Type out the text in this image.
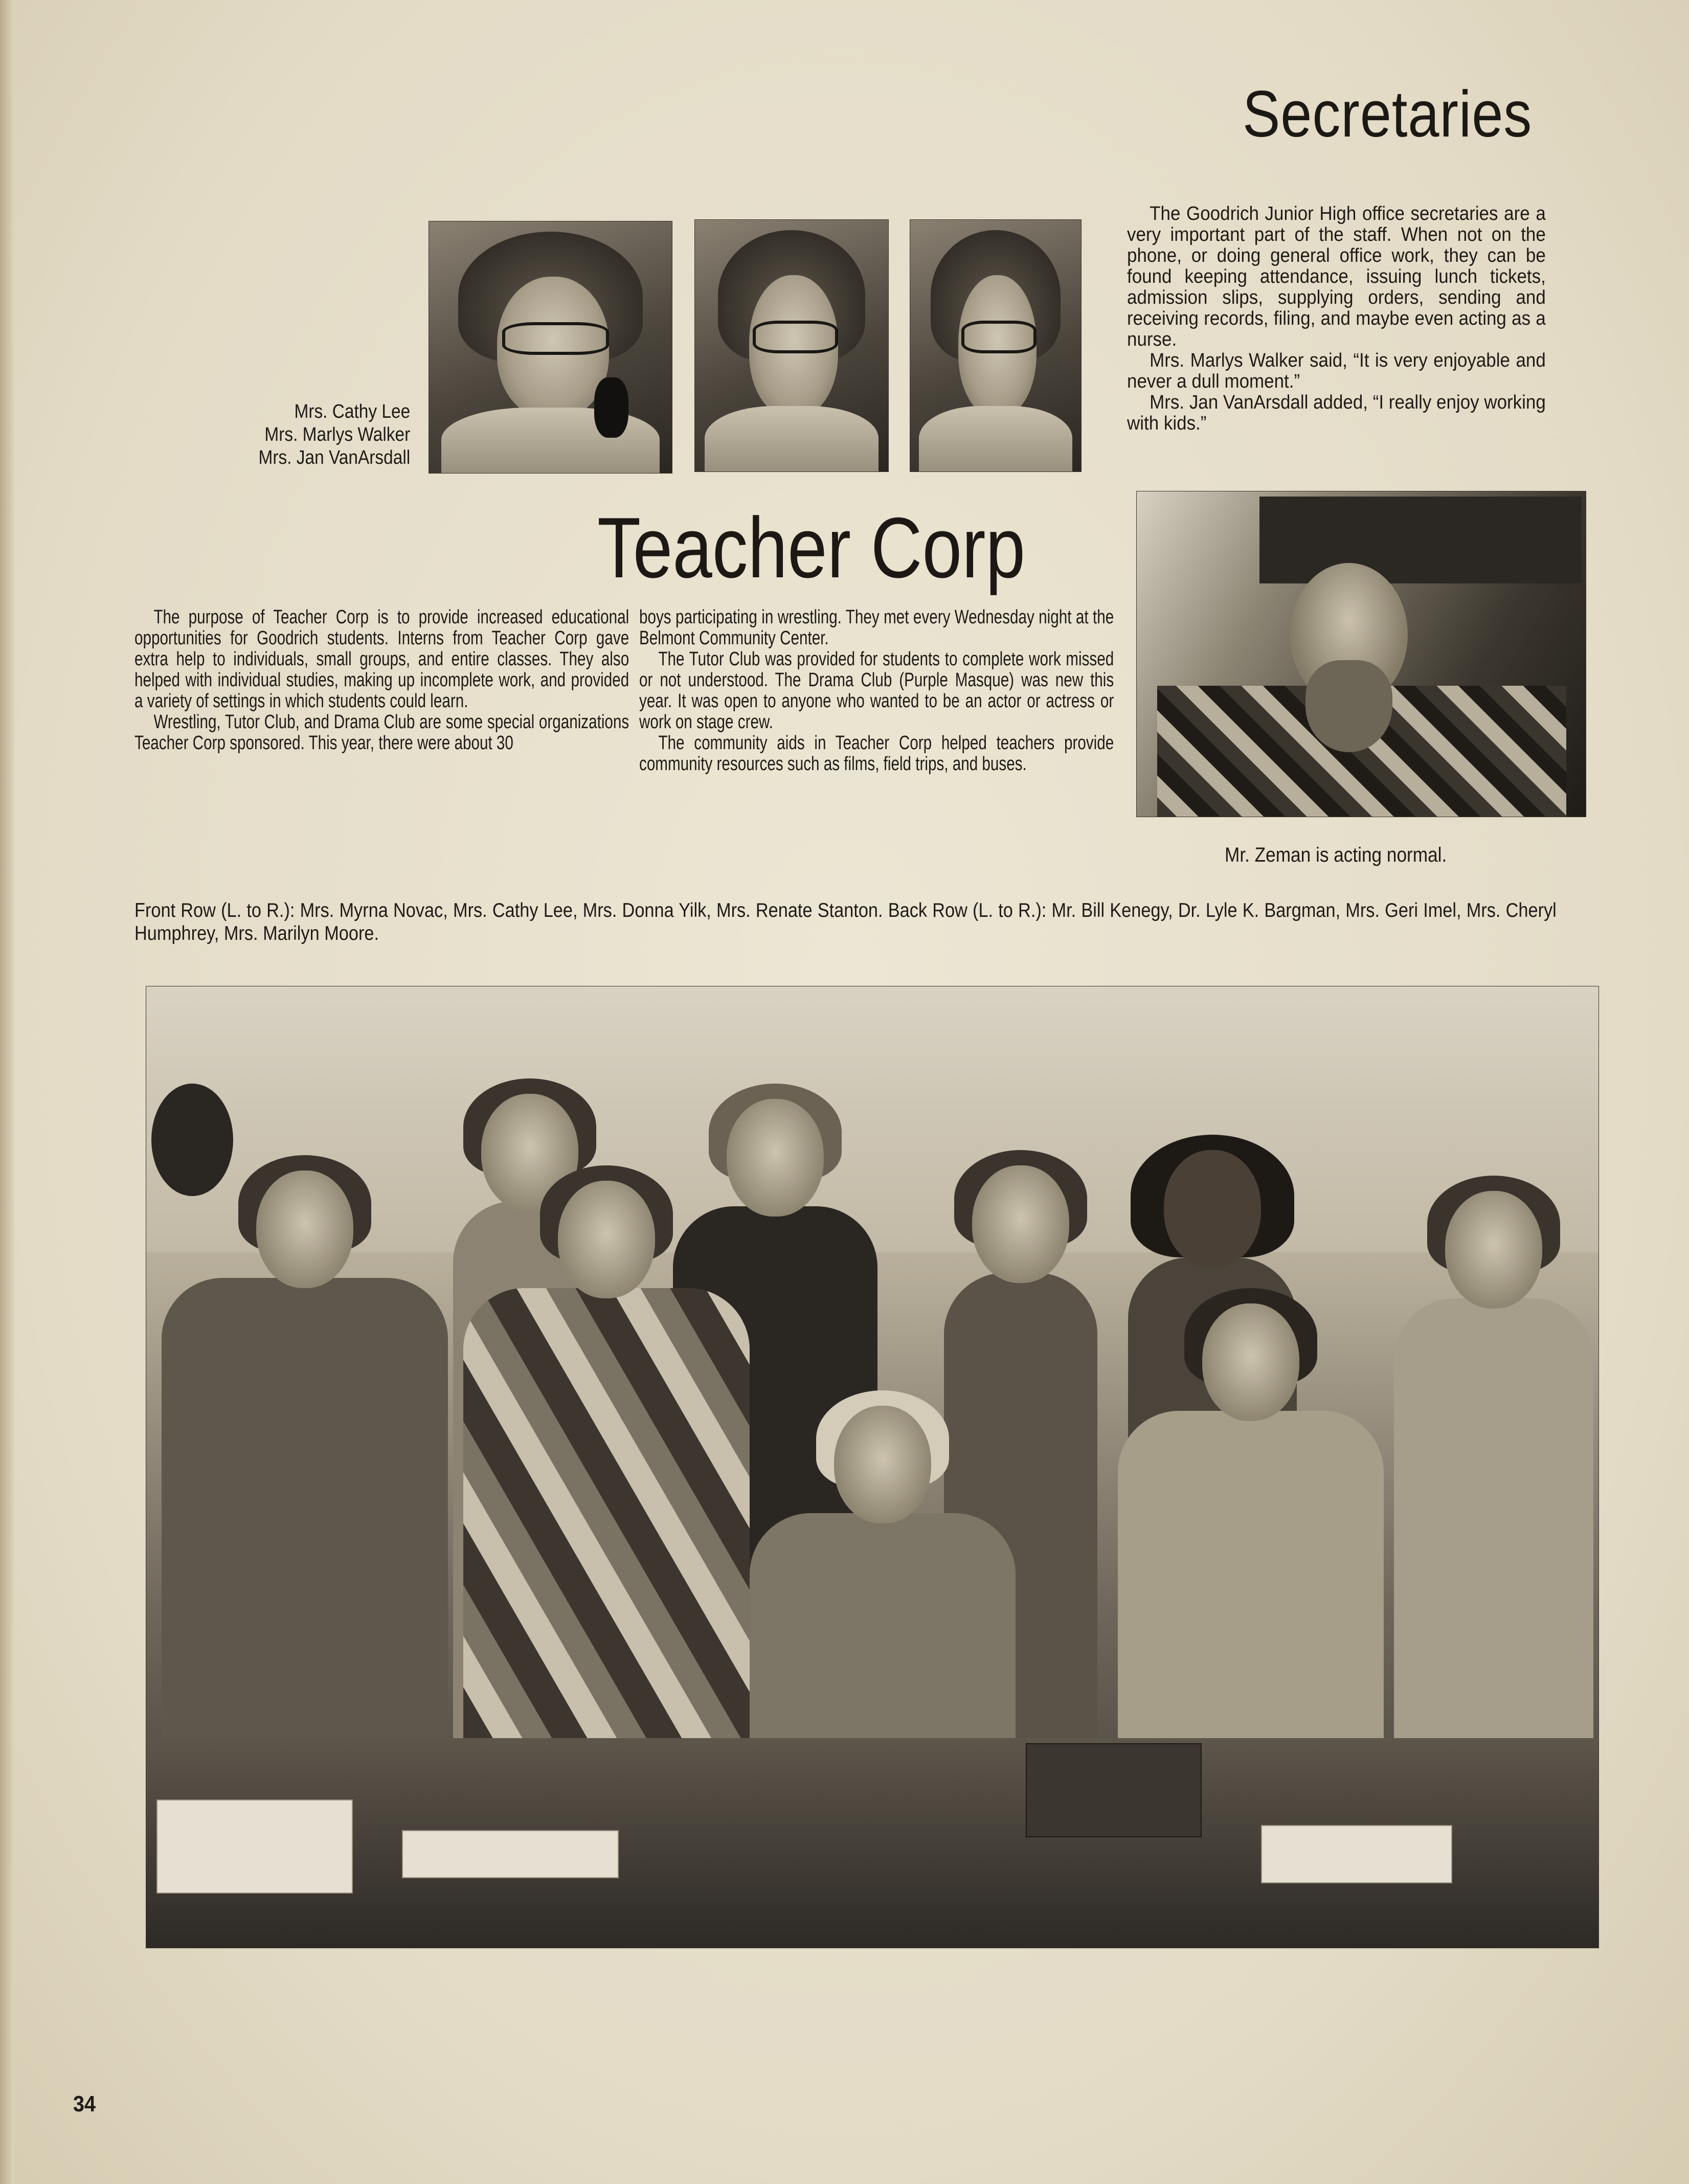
Secretaries
Mrs. Cathy Lee
Mrs. Marlys Walker
Mrs. Jan VanArsdall

The Goodrich Junior High office secretaries are a very important part of the staff. When not on the phone, or doing general office work, they can be found keeping attendance, issuing lunch tickets, admission slips, supplying orders, sending and receiving records, filing, and maybe even acting as a nurse.

Mrs. Marlys Walker said, “It is very enjoyable and never a dull moment.”

Mrs. Jan VanArsdall added, “I really enjoy working with kids.”

Teacher Corp

The purpose of Teacher Corp is to provide increased educational opportunities for Goodrich students. Interns from Teacher Corp gave extra help to individuals, small groups, and entire classes. They also helped with individual studies, making up incomplete work, and provided a variety of settings in which students could learn.

Wrestling, Tutor Club, and Drama Club are some special organizations Teacher Corp sponsored. This year, there were about 30

boys participating in wrestling. They met every Wednesday night at the Belmont Community Center.

The Tutor Club was provided for students to complete work missed or not understood. The Drama Club (Purple Masque) was new this year. It was open to anyone who wanted to be an actor or actress or work on stage crew.

The community aids in Teacher Corp helped teachers provide community resources such as films, field trips, and buses.

Mr. Zeman is acting normal.

Front Row (L. to R.): Mrs. Myrna Novac, Mrs. Cathy Lee, Mrs. Donna Yilk, Mrs. Renate Stanton. Back Row (L. to R.): Mr. Bill Kenegy, Dr. Lyle K. Bargman, Mrs. Geri Imel, Mrs. Cheryl Humphrey, Mrs. Marilyn Moore.

34
